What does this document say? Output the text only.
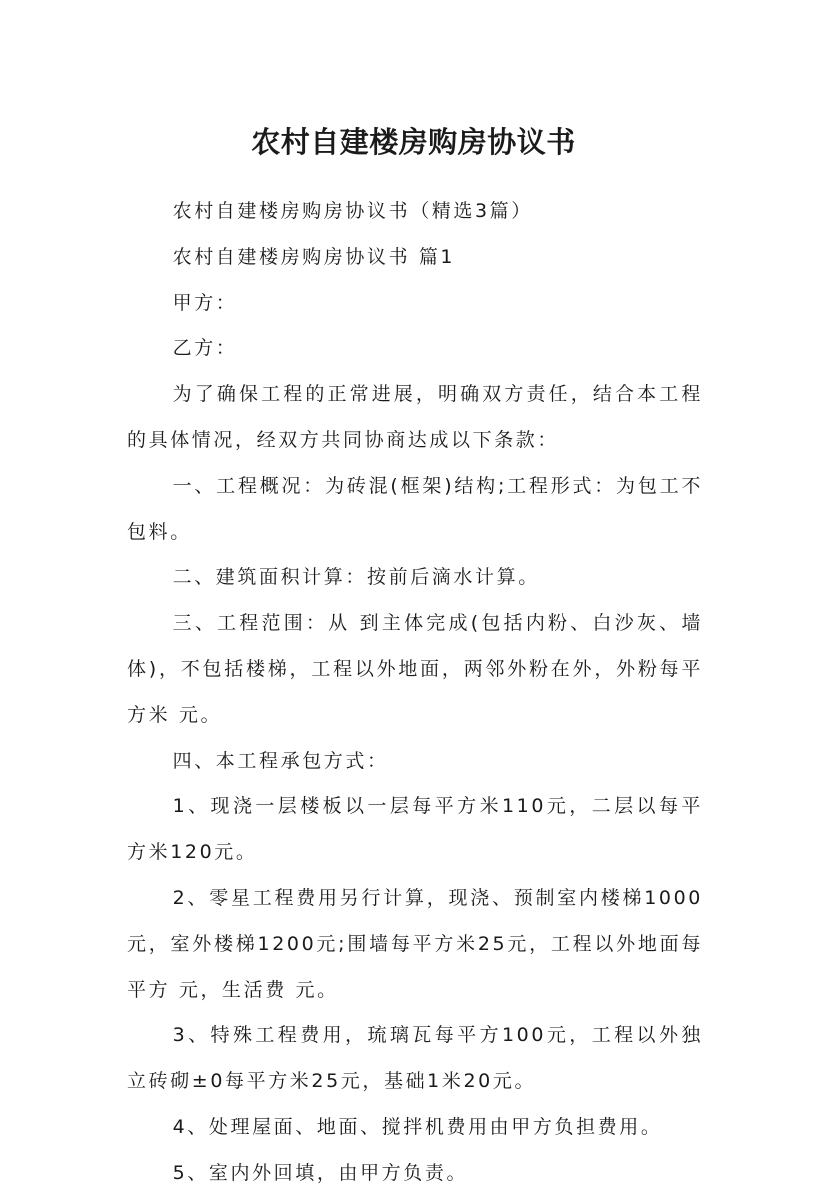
农村自建楼房购房协议书

农村自建楼房购房协议书（精选3篇）

农村自建楼房购房协议书 篇1

甲方：

乙方：

为了确保工程的正常进展，明确双方责任，结合本工程的具体情况，经双方共同协商达成以下条款：

一、工程概况：为砖混(框架)结构;工程形式：为包工不包料。

二、建筑面积计算：按前后滴水计算。

三、工程范围：从 到主体完成(包括内粉、白沙灰、墙体)，不包括楼梯，工程以外地面，两邻外粉在外，外粉每平方米 元。

四、本工程承包方式：

1、现浇一层楼板以一层每平方米110元，二层以每平方米120元。

2、零星工程费用另行计算，现浇、预制室内楼梯1000元，室外楼梯1200元;围墙每平方米25元，工程以外地面每平方 元，生活费 元。

3、特殊工程费用，琉璃瓦每平方100元，工程以外独立砖砌±0每平方米25元，基础1米20元。

4、处理屋面、地面、搅拌机费用由甲方负担费用。

5、室内外回填，由甲方负责。
